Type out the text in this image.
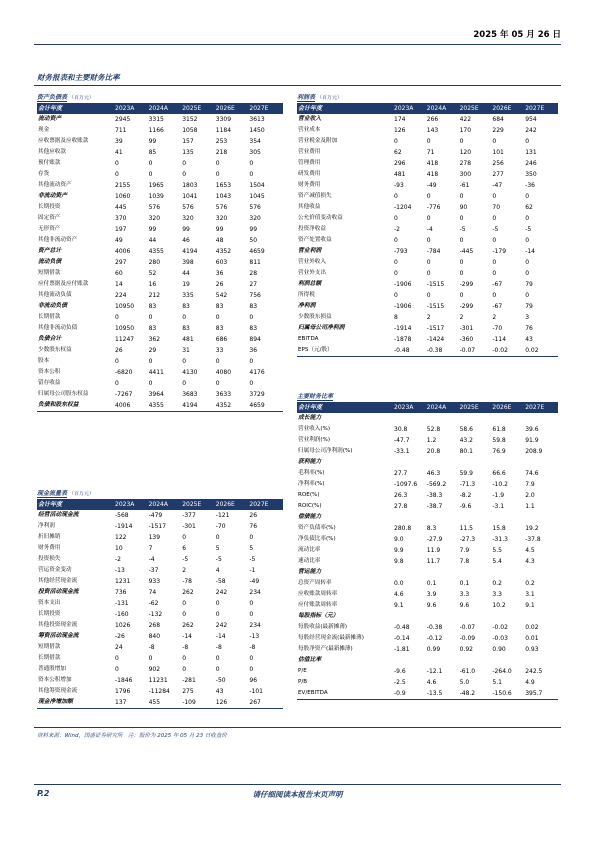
2025 年 05 月 26 日
财务报表和主要财务比率
资产负债表 （百万元）
会计年度	2023A	2024A	2025E	2026E	2027E
流动资产	2945	3315	3152	3309	3613
现金	711	1166	1058	1184	1450
应收票据及应收账款	39	99	157	253	354
其他应收款	41	85	135	218	305
预付账款	0	0	0	0	0
存货	0	0	0	0	0
其他流动资产	2155	1965	1803	1653	1504
非流动资产	1060	1039	1041	1043	1045
长期投资	445	576	576	576	576
固定资产	370	320	320	320	320
无形资产	197	99	99	99	99
其他非流动资产	49	44	46	48	50
资产总计	4006	4355	4194	4352	4659
流动负债	297	280	398	603	811
短期借款	60	52	44	36	28
应付票据及应付账款	14	16	19	26	27
其他流动负债	224	212	335	542	756
非流动负债	10950	83	83	83	83
长期借款	0	0	0	0	0
其他非流动负债	10950	83	83	83	83
负债合计	11247	362	481	686	894
少数股东权益	26	29	31	33	36
股本	0	0	0	0	0
资本公积	-6820	4411	4130	4080	4176
留存收益	0	0	0	0	0
归属母公司股东权益	-7267	3964	3683	3633	3729
负债和股东权益	4006	4355	4194	4352	4659
利润表 （百万元）
会计年度	2023A	2024A	2025E	2026E	2027E
营业收入	174	266	422	684	954
营业成本	126	143	170	229	242
营业税金及附加	0	0	0	0	0
营业费用	62	71	120	101	131
管理费用	296	418	278	256	246
研发费用	481	418	300	277	350
财务费用	-93	-49	-61	-47	-36
资产减值损失	0	0	0	0	0
其他收益	-1204	-776	90	70	62
公允价值变动收益	0	0	0	0	0
投资净收益	-2	-4	-5	-5	-5
资产处置收益	0	0	0	0	0
营业利润	-793	-784	-445	-179	-14
营业外收入	0	0	0	0	0
营业外支出	0	0	0	0	0
利润总额	-1906	-1515	-299	-67	79
所得税	0	0	0	0	0
净利润	-1906	-1515	-299	-67	79
少数股东损益	8	2	2	2	3
归属母公司净利润	-1914	-1517	-301	-70	76
EBITDA	-1878	-1424	-360	-114	43
EPS（元/股）	-0.48	-0.38	-0.07	-0.02	0.02
主要财务比率
会计年度	2023A	2024A	2025E	2026E	2027E
成长能力					
营业收入(%)	30.8	52.8	58.6	61.8	39.6
营业利润(%)	-47.7	1.2	43.2	59.8	91.9
归属母公司净利润(%)	-33.1	20.8	80.1	76.9	208.9
获利能力					
毛利率(%)	27.7	46.3	59.9	66.6	74.6
净利率(%)	-1097.6	-569.2	-71.3	-10.2	7.9
ROE(%)	26.3	-38.3	-8.2	-1.9	2.0
ROIC(%)	27.8	-38.7	-9.6	-3.1	1.1
偿债能力					
资产负债率(%)	280.8	8.3	11.5	15.8	19.2
净负债比率(%)	9.0	-27.9	-27.3	-31.3	-37.8
流动比率	9.9	11.9	7.9	5.5	4.5
速动比率	9.8	11.7	7.8	5.4	4.3
营运能力					
总资产周转率	0.0	0.1	0.1	0.2	0.2
应收账款周转率	4.6	3.9	3.3	3.3	3.1
应付账款周转率	9.1	9.6	9.6	10.2	9.1
每股指标（元）					
每股收益(最新摊薄)	-0.48	-0.38	-0.07	-0.02	0.02
每股经营现金流(最新摊薄)	-0.14	-0.12	-0.09	-0.03	0.01
每股净资产(最新摊薄)	-1.81	0.99	0.92	0.90	0.93
估值比率					
P/E	-9.6	-12.1	-61.0	-264.0	242.5
P/B	-2.5	4.6	5.0	5.1	4.9
EV/EBITDA	-0.9	-13.5	-48.2	-150.6	395.7
现金流量表 （百万元）
会计年度	2023A	2024A	2025E	2026E	2027E
经营活动现金流	-568	-479	-377	-121	26
净利润	-1914	-1517	-301	-70	76
折旧摊销	122	139	0	0	0
财务费用	10	7	6	5	5
投资损失	-2	-4	-5	-5	-5
营运资金变动	-13	-37	2	4	-1
其他经营现金流	1231	933	-78	-58	-49
投资活动现金流	736	74	262	242	234
资本支出	-131	-62	0	0	0
长期投资	-160	-132	0	0	0
其他投资现金流	1026	268	262	242	234
筹资活动现金流	-26	840	-14	-14	-13
短期借款	24	-8	-8	-8	-8
长期借款	0	0	0	0	0
普通股增加	0	902	0	0	0
资本公积增加	-1846	11231	-281	-50	96
其他筹资现金流	1796	-11284	275	43	-101
现金净增加额	137	455	-109	126	267
资料来源：Wind，国盛证券研究所　注：股价为 2025 年 05 月 23 日收盘价
P.2	请仔细阅读本报告末页声明
